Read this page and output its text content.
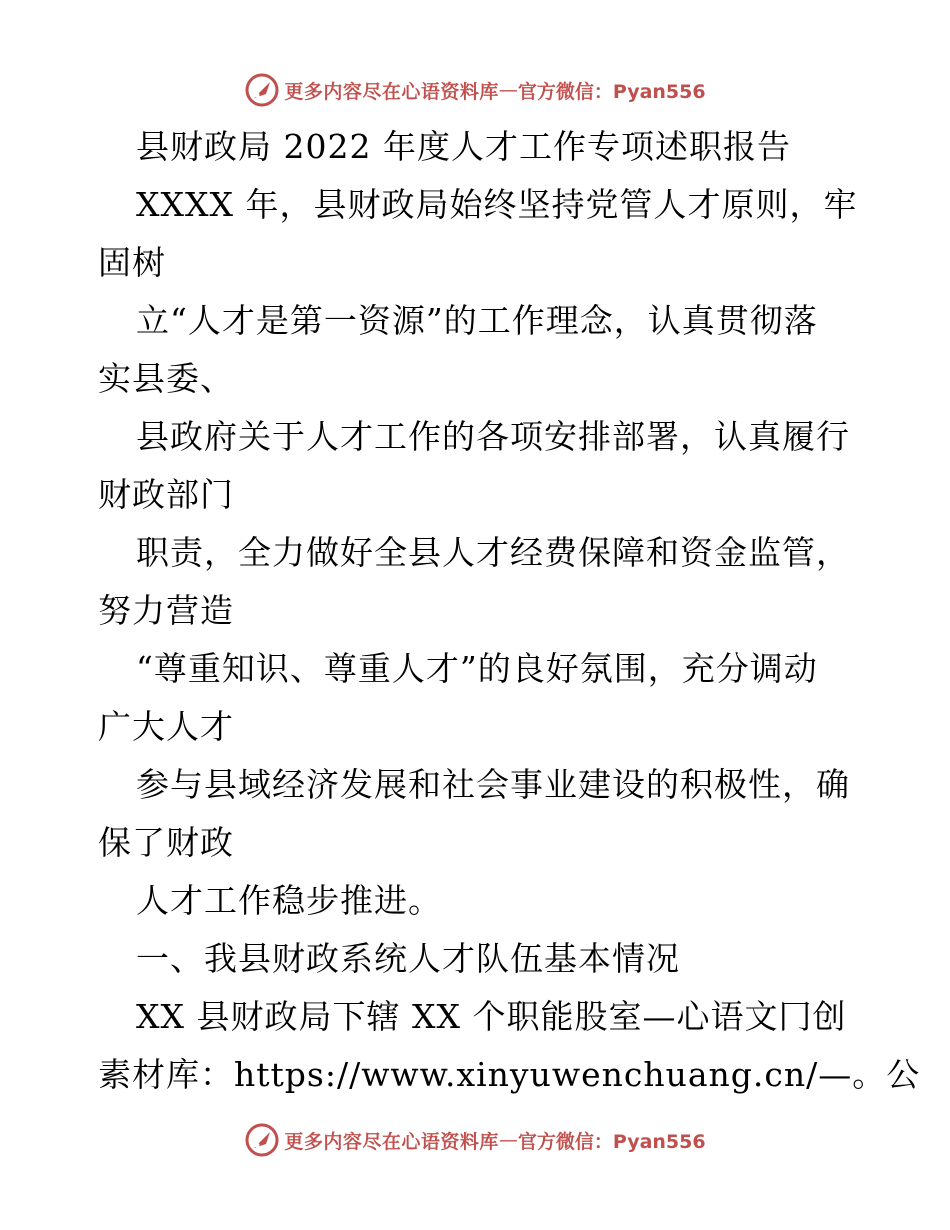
更多内容尽在心语资料库 — 官方微信：Pyan556
县财政局 2022 年度人才工作专项述职报告
XXXX 年，县财政局始终坚持党管人才原则，牢
固树
立“人才是第一资源”的工作理念，认真贯彻落
实县委、
县政府关于人才工作的各项安排部署，认真履行
财政部门
职责，全力做好全县人才经费保障和资金监管，
努力营造
“尊重知识、尊重人才”的良好氛围，充分调动
广大人才
参与县域经济发展和社会事业建设的积极性，确
保了财政
人才工作稳步推进。
一、我县财政系统人才队伍基本情况
XX 县财政局下辖 XX 个职能股室—心语文冂创
素材库：https://www.xinyuwenchuang.cn/—。公
更多内容尽在心语资料库 — 官方微信：Pyan556
